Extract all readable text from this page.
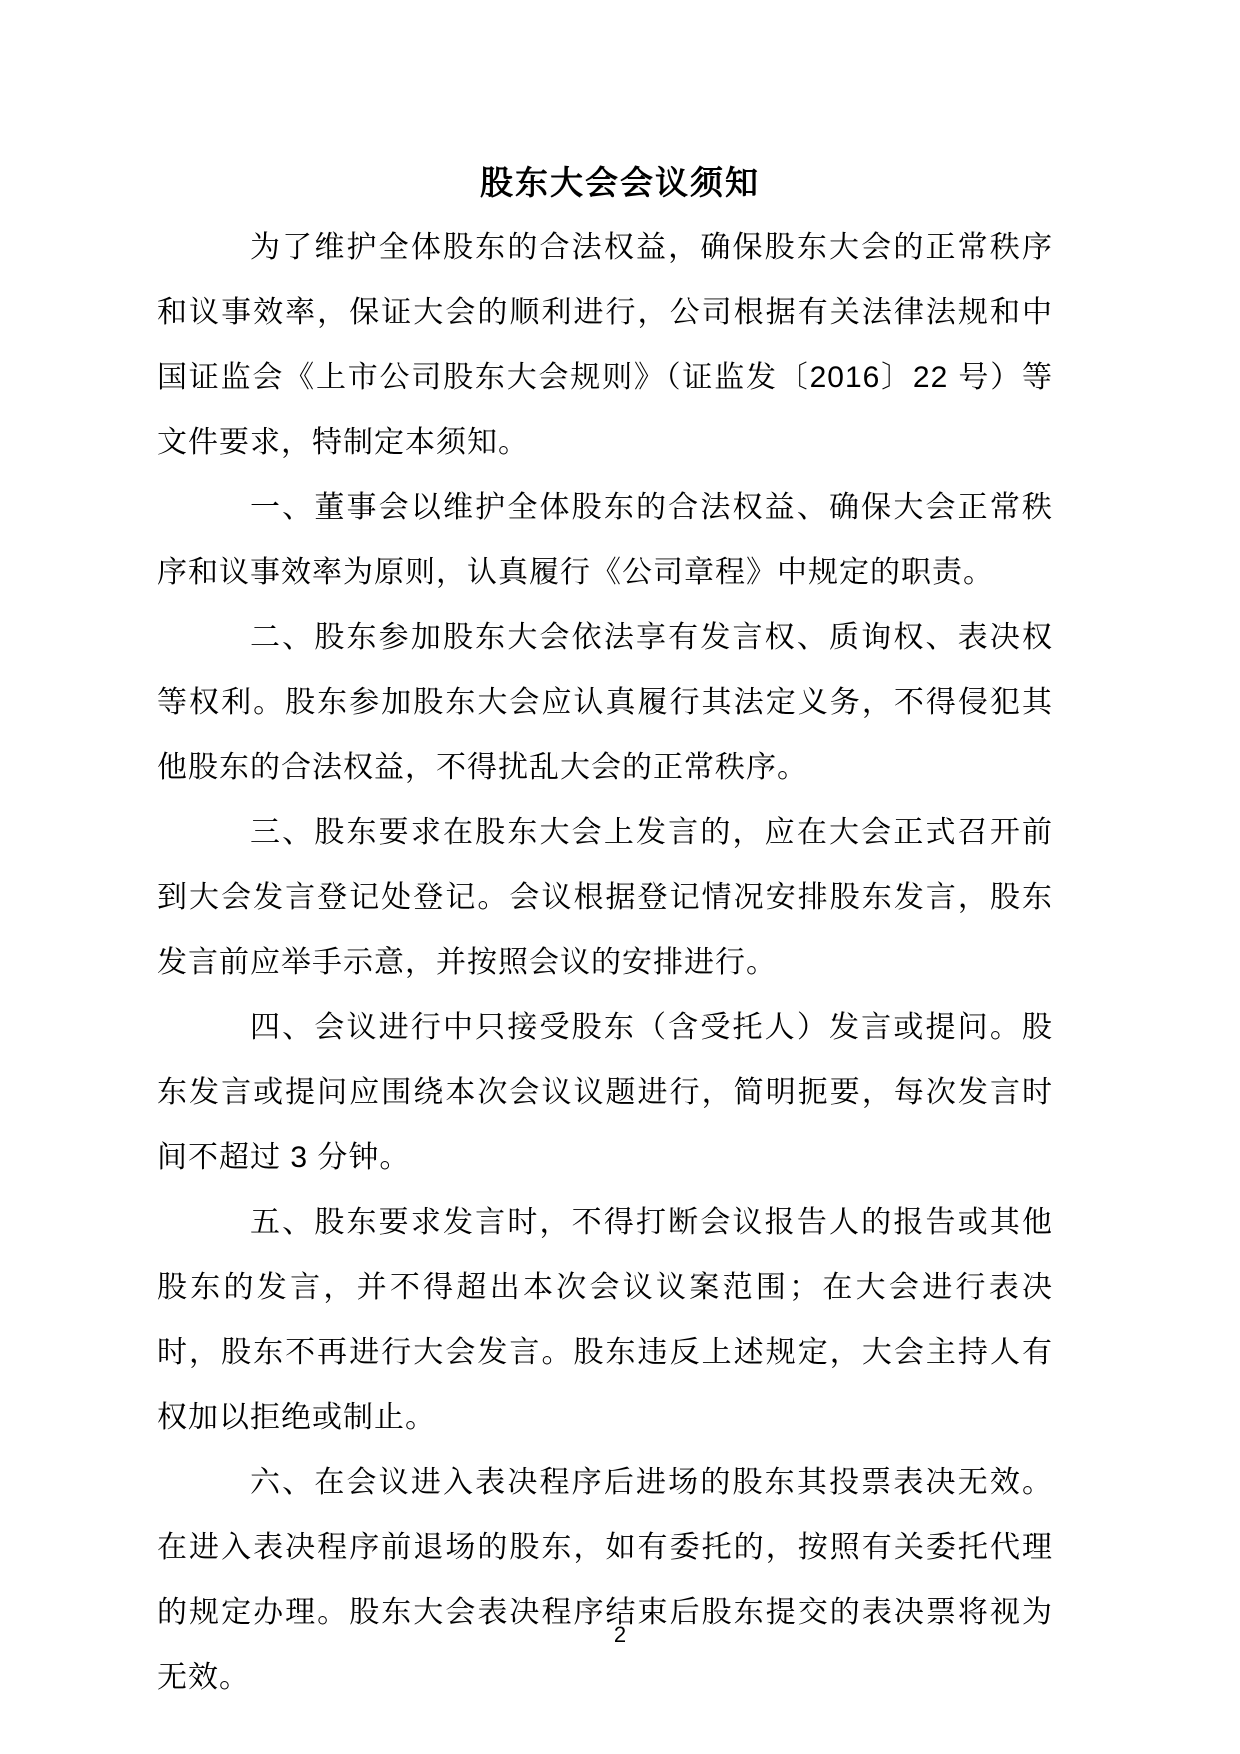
股东大会会议须知

为了维护全体股东的合法权益，确保股东大会的正常秩序和议事效率，保证大会的顺利进行，公司根据有关法律法规和中国证监会《上市公司股东大会规则》（证监发〔2016〕22 号）等文件要求，特制定本须知。

一、董事会以维护全体股东的合法权益、确保大会正常秩序和议事效率为原则，认真履行《公司章程》中规定的职责。

二、股东参加股东大会依法享有发言权、质询权、表决权等权利。股东参加股东大会应认真履行其法定义务，不得侵犯其他股东的合法权益，不得扰乱大会的正常秩序。

三、股东要求在股东大会上发言的，应在大会正式召开前到大会发言登记处登记。会议根据登记情况安排股东发言，股东发言前应举手示意，并按照会议的安排进行。

四、会议进行中只接受股东（含受托人）发言或提问。股东发言或提问应围绕本次会议议题进行，简明扼要，每次发言时间不超过 3 分钟。

五、股东要求发言时，不得打断会议报告人的报告或其他股东的发言，并不得超出本次会议议案范围；在大会进行表决时，股东不再进行大会发言。股东违反上述规定，大会主持人有权加以拒绝或制止。

六、在会议进入表决程序后进场的股东其投票表决无效。在进入表决程序前退场的股东，如有委托的，按照有关委托代理的规定办理。股东大会表决程序结束后股东提交的表决票将视为无效。

2
